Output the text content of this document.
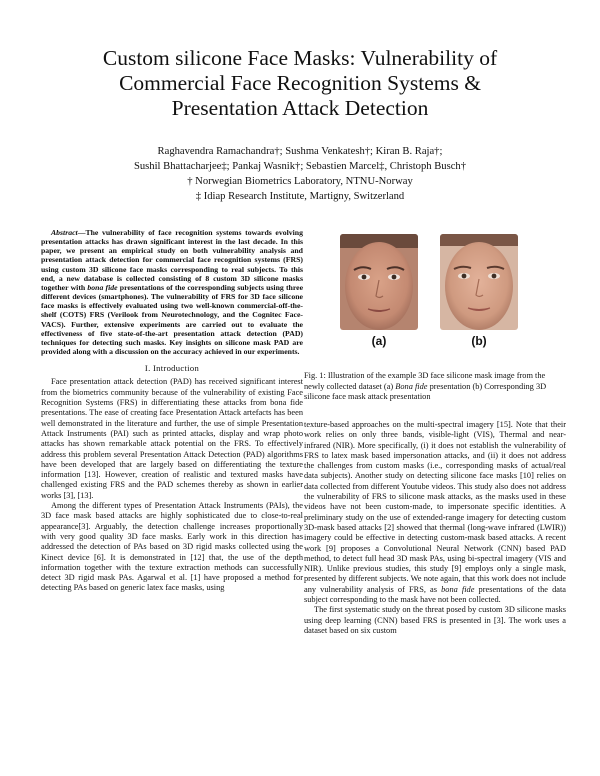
Custom silicone Face Masks: Vulnerability of
Commercial Face Recognition Systems &
Presentation Attack Detection
Raghavendra Ramachandra†; Sushma Venkatesh†; Kiran B. Raja†;
Sushil Bhattacharjee‡; Pankaj Wasnik†; Sebastien Marcel‡, Christoph Busch†
† Norwegian Biometrics Laboratory, NTNU-Norway
‡ Idiap Research Institute, Martigny, Switzerland

Abstract—The vulnerability of face recognition systems towards evolving presentation attacks has drawn significant interest in the last decade. In this paper, we present an empirical study on both vulnerability analysis and presentation attack detection for commercial face recognition systems (FRS) using custom 3D silicone face masks corresponding to real subjects. To this end, a new database is collected consisting of 8 custom 3D silicone masks together with bona fide presentations of the corresponding subjects using three different devices (smartphones). The vulnerability of FRS for 3D face silicone face masks is effectively evaluated using two well-known commercial-off-the-shelf (COTS) FRS (Verilook from Neurotechnology, and the Cognitec Face-VACS). Further, extensive experiments are carried out to evaluate the effectiveness of five state-of-the-art presentation attack detection (PAD) techniques for detecting such masks. Key insights on silicone mask PAD are provided along with a discussion on the accuracy achieved in our experiments.

I. Introduction

Face presentation attack detection (PAD) has received significant interest from the biometrics community because of the vulnerability of existing Face Recognition Systems (FRS) in differentiating these attacks from bona fide presentations. The ease of creating face Presentation Attack artefacts has been well demonstrated in the literature and further, the use of simple Presentation Attack Instruments (PAI) such as printed attacks, display and wrap photo attacks has shown remarkable attack potential on the FRS. To effectively address this problem several Presentation Attack Detection (PAD) algorithms have been developed that are largely based on differentiating the texture information [13]. However, creation of realistic and textured masks have challenged existing FRS and the PAD schemes thereby as shown in earlier works [3], [13].

Among the different types of Presentation Attack Instruments (PAIs), the 3D face mask based attacks are highly sophisticated due to close-to-real appearance[3]. Arguably, the detection challenge increases proportionally with very good quality 3D face masks. Early work in this direction has addressed the detection of PAs based on 3D rigid masks collected using the Kinect device [6]. It is demonstrated in [12] that, the use of the depth information together with the texture extraction methods can successfully detect 3D rigid mask PAs. Agarwal et al. [1] have proposed a method for detecting PAs based on generic latex face masks, using

(a)	(b)
Fig. 1: Illustration of the example 3D face silicone mask image from the newly collected dataset (a) Bona fide presentation (b) Corresponding 3D silicone face mask attack presentation

texture-based approaches on the multi-spectral imagery [15]. Note that their work relies on only three bands, visible-light (VIS), Thermal and near-infrared (NIR). More specifically, (i) it does not establish the vulnerability of FRS to latex mask based impersonation attacks, and (ii) it does not address the challenges from custom masks (i.e., corresponding masks of actual/real data subjects). Another study on detecting silicone face masks [10] relies on data collected from different Youtube videos. This study also does not address the vulnerability of FRS to silicone mask attacks, as the masks used in these videos have not been custom-made, to impersonate specific identities. A preliminary study on the use of extended-range imagery for detecting custom 3D-mask based attacks [2] showed that thermal (long-wave infrared (LWIR)) imagery could be effective in detecting custom-mask based attacks. A recent work [9] proposes a Convolutional Neural Network (CNN) based PAD method, to detect full head 3D mask PAs, using bi-spectral imagery (VIS and NIR). Unlike previous studies, this study [9] employs only a single mask, presented by different subjects. We note again, that this work does not include any vulnerability analysis of FRS, as bona fide presentations of the data subject corresponding to the mask have not been collected.

The first systematic study on the threat posed by custom 3D silicone masks using deep learning (CNN) based FRS is presented in [3]. The work uses a dataset based on six custom
